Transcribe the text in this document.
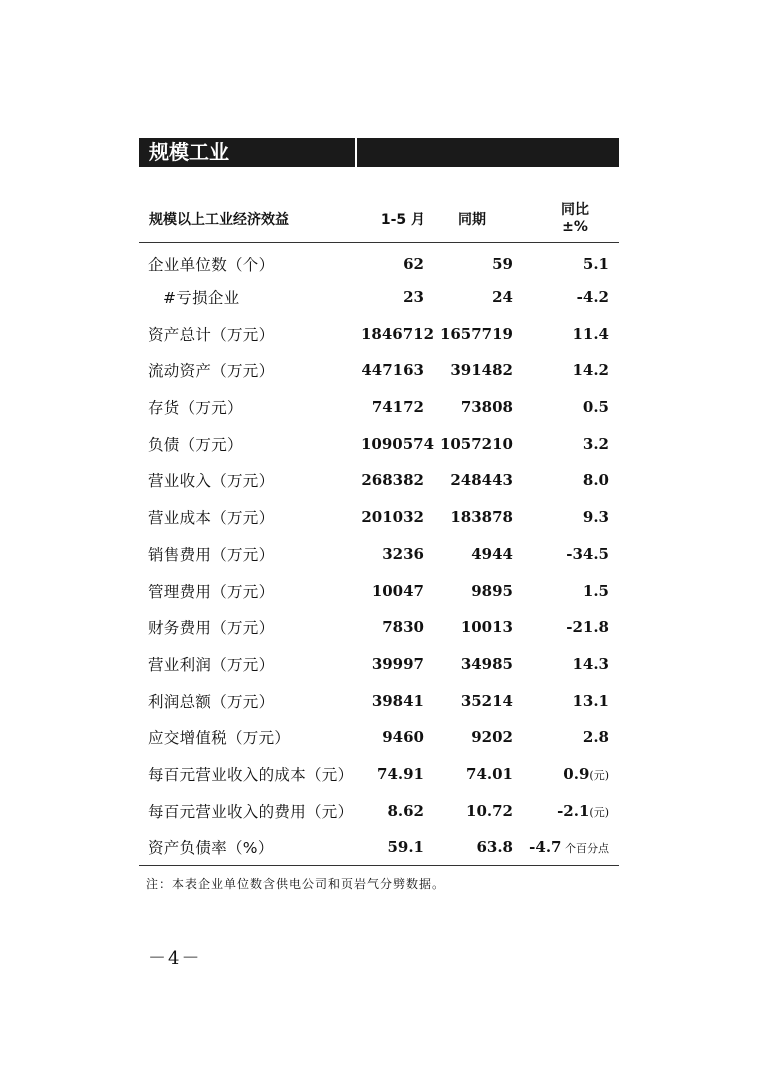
规模工业
规模以上工业经济效益	1-5 月	同期	同比
±%
企业单位数（个）	62	59	5.1
#亏损企业	23	24	-4.2
资产总计（万元）	1846712	1657719	11.4
流动资产（万元）	447163	391482	14.2
存货（万元）	74172	73808	0.5
负债（万元）	1090574	1057210	3.2
营业收入（万元）	268382	248443	8.0
营业成本（万元）	201032	183878	9.3
销售费用（万元）	3236	4944	-34.5
管理费用（万元）	10047	9895	1.5
财务费用（万元）	7830	10013	-21.8
营业利润（万元）	39997	34985	14.3
利润总额（万元）	39841	35214	13.1
应交增值税（万元）	9460	9202	2.8
每百元营业收入的成本（元）	74.91	74.01	0.9(元)
每百元营业收入的费用（元）	8.62	10.72	-2.1(元)
资产负债率（%）	59.1	63.8	-4.7 个百分点
注：本表企业单位数含供电公司和页岩气分劈数据。
－4－
